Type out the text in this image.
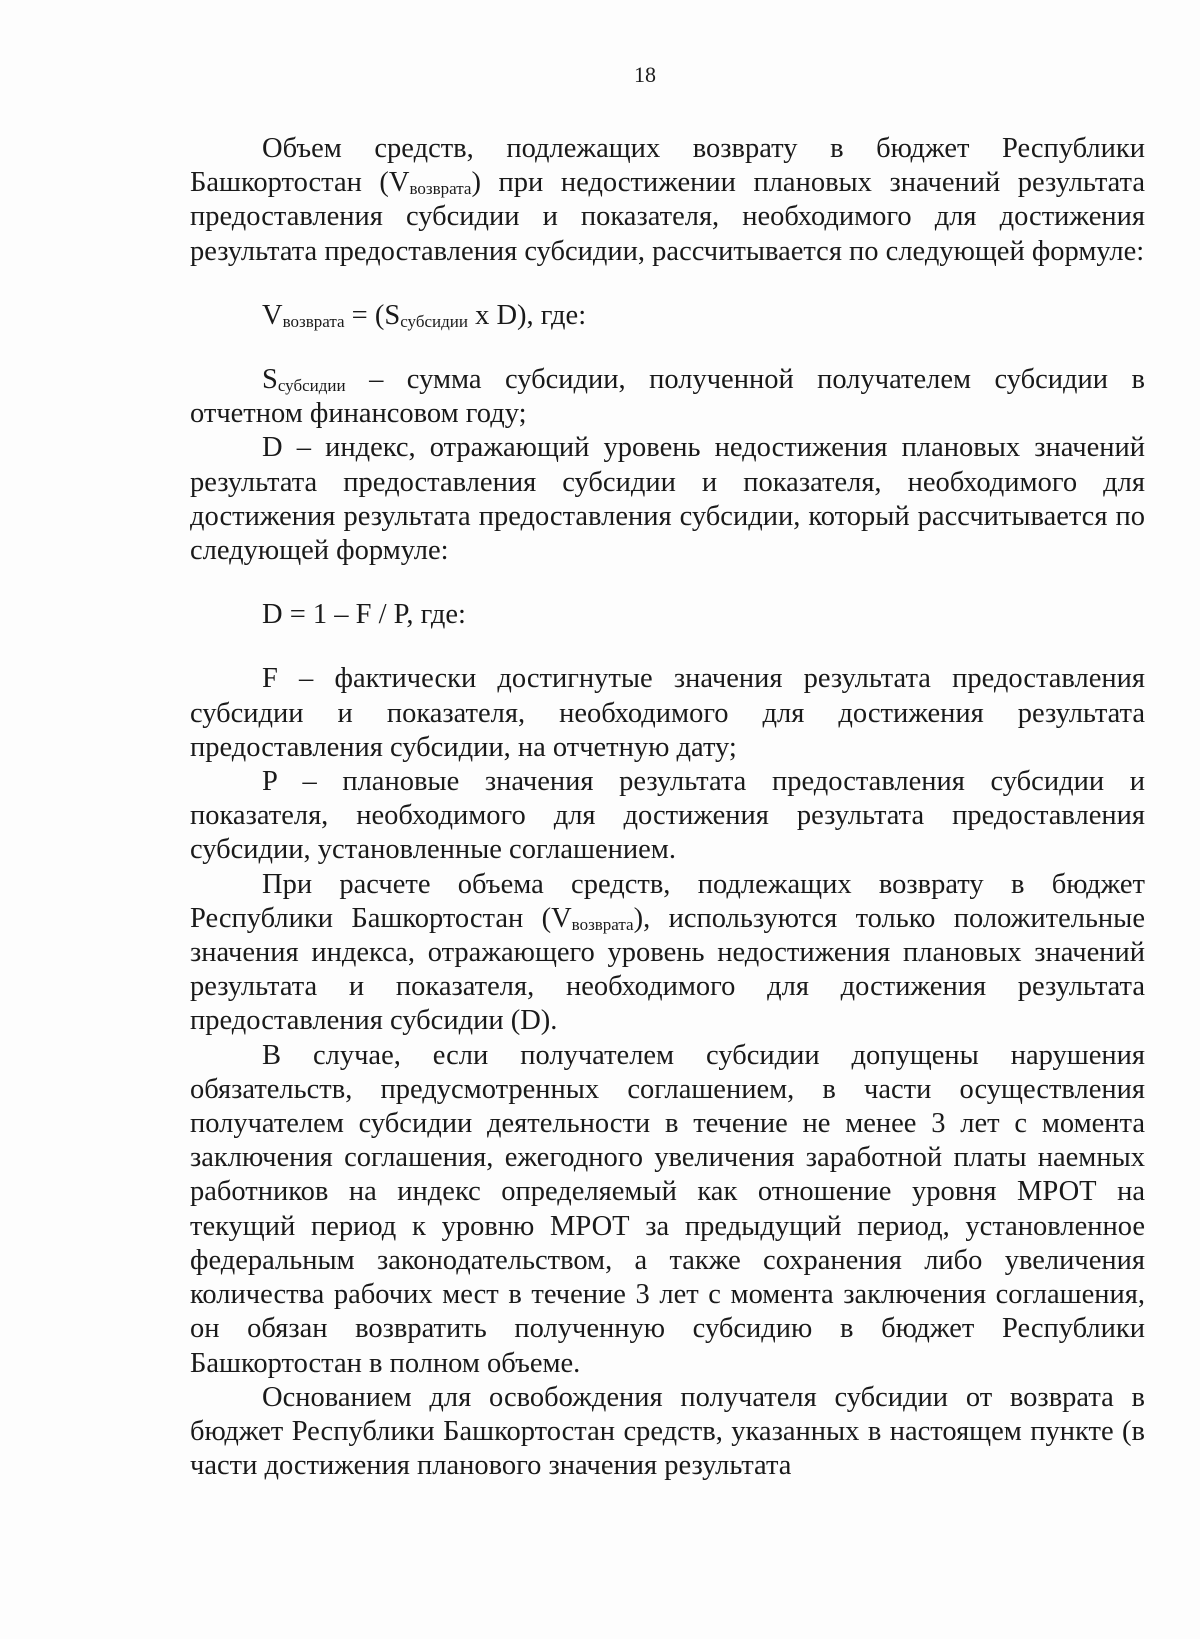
18

Объем средств, подлежащих возврату в бюджет Республики Башкортостан $(V_{возврата})$ при недостижении плановых значений результата предоставления субсидии и показателя, необходимого для достижения результата предоставления субсидии, рассчитывается по следующей формуле:

$V_{возврата} = (S_{субсидии}$ x D), где:

$S_{субсидии}$ – сумма субсидии, полученной получателем субсидии в отчетном финансовом году;

D – индекс, отражающий уровень недостижения плановых значений результата предоставления субсидии и показателя, необходимого для достижения результата предоставления субсидии, который рассчитывается по следующей формуле:

D = 1 – F / P, где:

F – фактически достигнутые значения результата предоставления субсидии и показателя, необходимого для достижения результата предоставления субсидии, на отчетную дату;

P – плановые значения результата предоставления субсидии и показателя, необходимого для достижения результата предоставления субсидии, установленные соглашением.

При расчете объема средств, подлежащих возврату в бюджет Республики Башкортостан $(V_{возврата})$, используются только положительные значения индекса, отражающего уровень недостижения плановых значений результата и показателя, необходимого для достижения результата предоставления субсидии (D).

В случае, если получателем субсидии допущены нарушения обязательств, предусмотренных соглашением, в части осуществления получателем субсидии деятельности в течение не менее 3 лет с момента заключения соглашения, ежегодного увеличения заработной платы наемных работников на индекс определяемый как отношение уровня МРОТ на текущий период к уровню МРОТ за предыдущий период, установленное федеральным законодательством, а также сохранения либо увеличения количества рабочих мест в течение 3 лет с момента заключения соглашения, он обязан возвратить полученную субсидию в бюджет Республики Башкортостан в полном объеме.

Основанием для освобождения получателя субсидии от возврата в бюджет Республики Башкортостан средств, указанных в настоящем пункте (в части достижения планового значения результата
